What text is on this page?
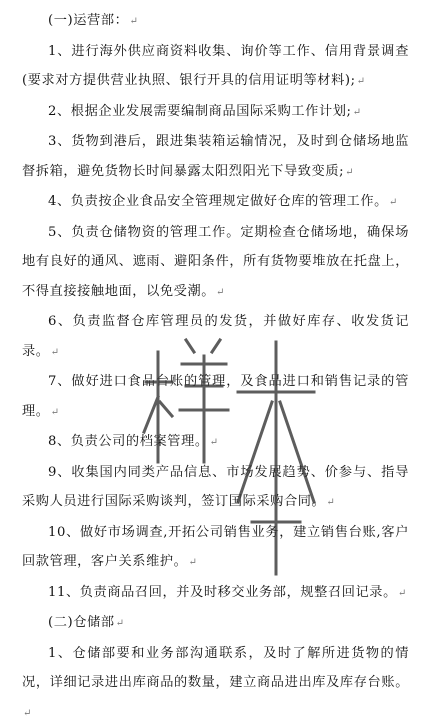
(一)运营部：↵

1、进行海外供应商资料收集、询价等工作、信用背景调查(要求对方提供营业执照、银行开具的信用证明等材料);↵

2、根据企业发展需要编制商品国际采购工作计划;↵

3、货物到港后，跟进集装箱运输情况，及时到仓储场地监督拆箱，避免货物长时间暴露太阳烈阳光下导致变质;↵

4、负责按企业食品安全管理规定做好仓库的管理工作。↵

5、负责仓储物资的管理工作。定期检查仓储场地，确保场地有良好的通风、遮雨、避阳条件，所有货物要堆放在托盘上，不得直接接触地面，以免受潮。↵

6、负责监督仓库管理员的发货，并做好库存、收发货记录。↵

7、做好进口食品台账的管理，及食品进口和销售记录的管理。↵

8、负责公司的档案管理。↵

9、收集国内同类产品信息、市场发展趋势、价参与、指导采购人员进行国际采购谈判，签订国际采购合同。↵

10、做好市场调查,开拓公司销售业务，建立销售台账,客户回款管理，客户关系维护。↵

11、负责商品召回，并及时移交业务部，规整召回记录。↵

(二)仓储部↵

1、仓储部要和业务部沟通联系，及时了解所进货物的情况，详细记录进出库商品的数量，建立商品进出库及库存台账。↵
